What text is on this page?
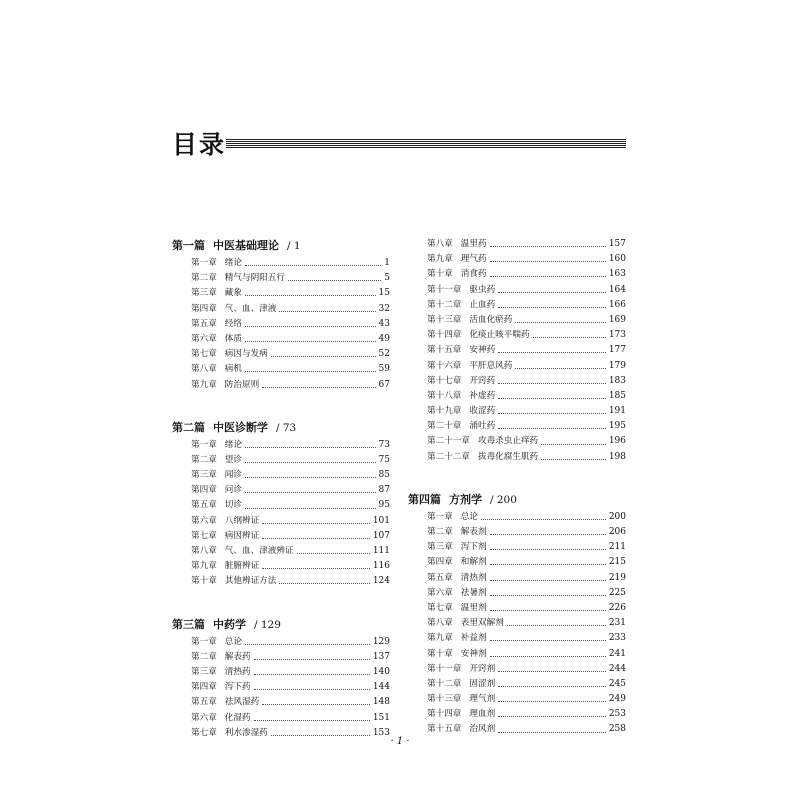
目录
第一篇 中医基础理论 / 1
第一章 绪论	1
第二章 精气与阴阳五行	5
第三章 藏象	15
第四章 气、血、津液	32
第五章 经络	43
第六章 体质	49
第七章 病因与发病	52
第八章 病机	59
第九章 防治原则	67
第二篇 中医诊断学 / 73
第一章 绪论	73
第二章 望诊	75
第三章 闻诊	85
第四章 问诊	87
第五章 切诊	95
第六章 八纲辨证	101
第七章 病因辨证	107
第八章 气、血、津液辨证	111
第九章 脏腑辨证	116
第十章 其他辨证方法	124
第三篇 中药学 / 129
第一章 总论	129
第二章 解表药	137
第三章 清热药	140
第四章 泻下药	144
第五章 祛风湿药	148
第六章 化湿药	151
第七章 利水渗湿药	153
第八章 温里药	157
第九章 理气药	160
第十章 消食药	163
第十一章 驱虫药	164
第十二章 止血药	166
第十三章 活血化瘀药	169
第十四章 化痰止咳平喘药	173
第十五章 安神药	177
第十六章 平肝息风药	179
第十七章 开窍药	183
第十八章 补虚药	185
第十九章 收涩药	191
第二十章 涌吐药	195
第二十一章 攻毒杀虫止痒药	196
第二十二章 拔毒化腐生肌药	198
第四篇 方剂学 / 200
第一章 总论	200
第二章 解表剂	206
第三章 泻下剂	211
第四章 和解剂	215
第五章 清热剂	219
第六章 祛暑剂	225
第七章 温里剂	226
第八章 表里双解剂	231
第九章 补益剂	233
第十章 安神剂	241
第十一章 开窍剂	244
第十二章 固涩剂	245
第十三章 理气剂	249
第十四章 理血剂	253
第十五章 治风剂	258
· 1 ·
